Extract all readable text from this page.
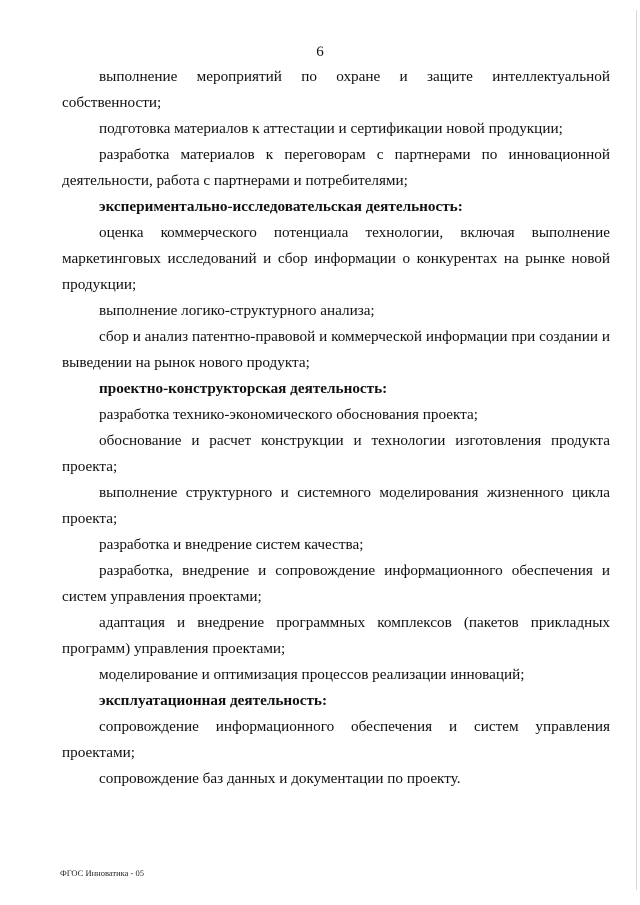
6

выполнение мероприятий по охране и защите интеллектуальной собственности;

подготовка материалов к аттестации и сертификации новой продукции;

разработка материалов к переговорам с партнерами по инновационной деятельности, работа с партнерами и потребителями;

экспериментально-исследовательская деятельность:

оценка коммерческого потенциала технологии, включая выполнение маркетинговых исследований и сбор информации о конкурентах на рынке новой продукции;

выполнение логико-структурного анализа;

сбор и анализ патентно-правовой и коммерческой информации при создании и выведении на рынок нового продукта;

проектно-конструкторская деятельность:

разработка технико-экономического обоснования проекта;

обоснование и расчет конструкции и технологии изготовления продукта проекта;

выполнение структурного и системного моделирования жизненного цикла проекта;

разработка и внедрение систем качества;

разработка, внедрение и сопровождение информационного обеспечения и систем управления проектами;

адаптация и внедрение программных комплексов (пакетов прикладных программ) управления проектами;

моделирование и оптимизация процессов реализации инноваций;

эксплуатационная деятельность:

сопровождение информационного обеспечения и систем управления проектами;

сопровождение баз данных и документации по проекту.

ФГОС Инноватика - 05
